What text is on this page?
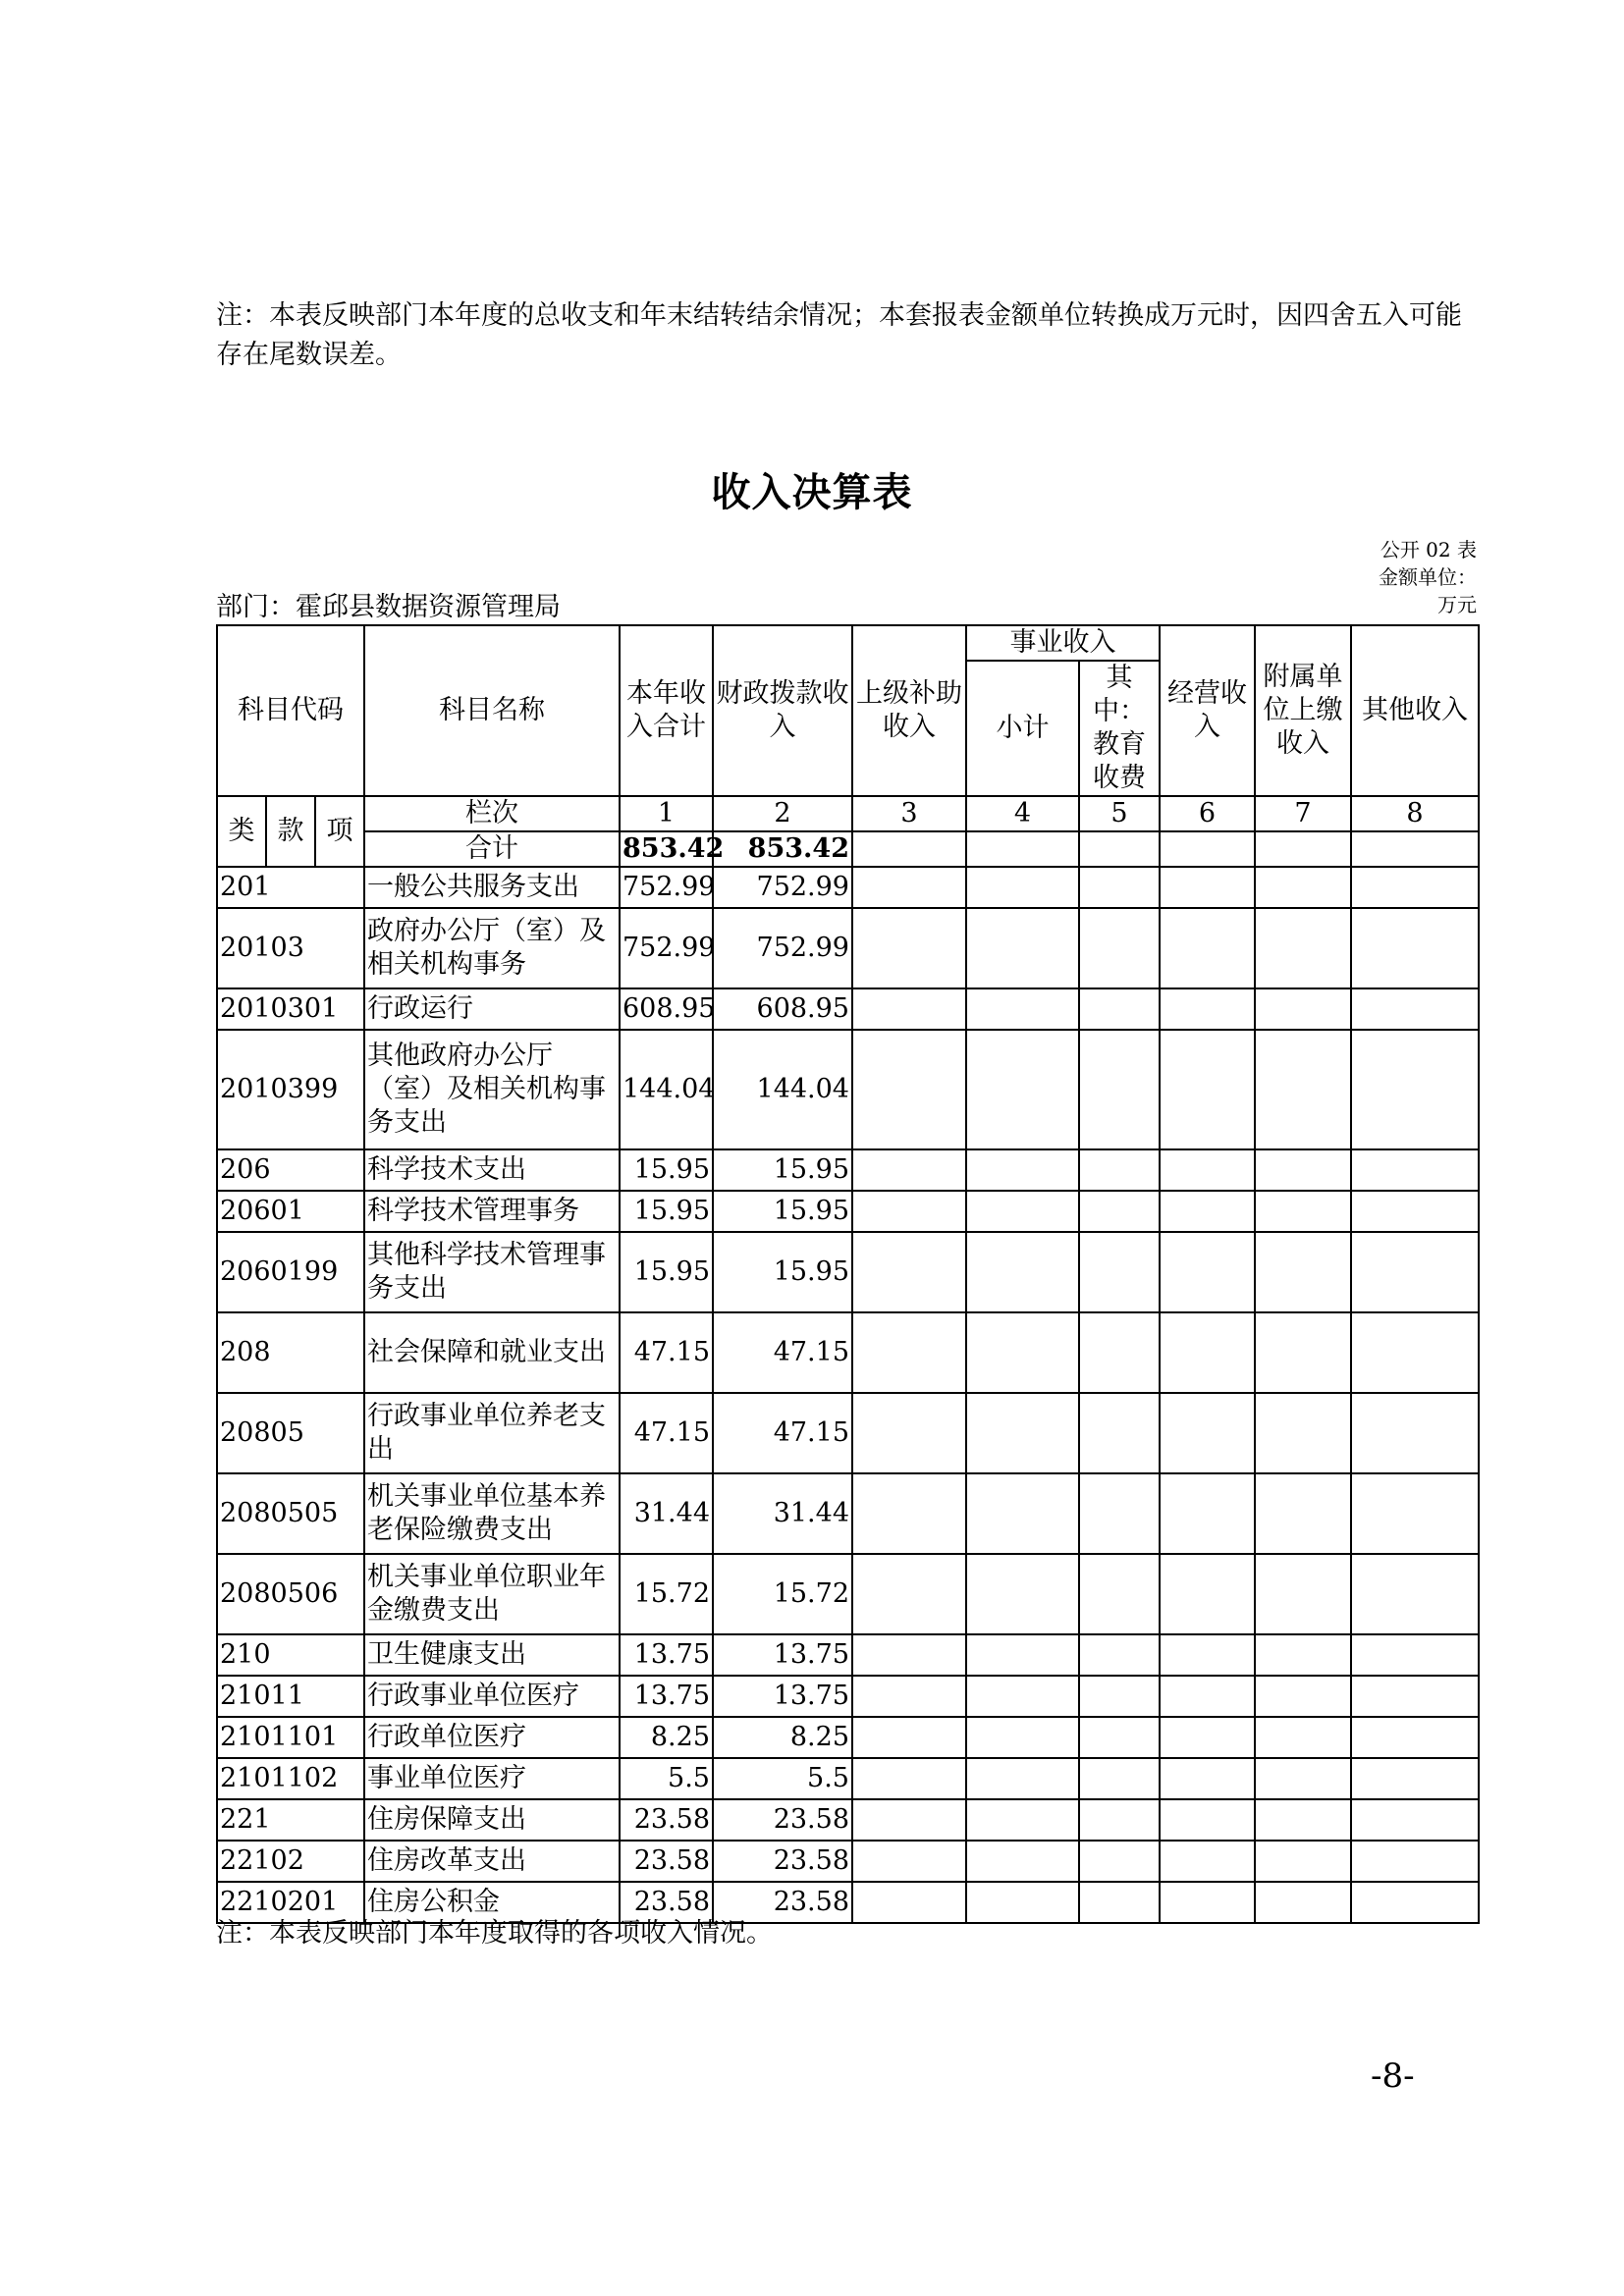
注：本表反映部门本年度的总收支和年末结转结余情况；本套报表金额单位转换成万元时，因四舍五入可能存在尾数误差。

收入决算表
公开 02 表
金额单位：
万元
部门：霍邱县数据资源管理局
科目代码			科目名称	本年收入合计	财政拨款收入	上级补助收入	事业收入		经营收入	附属单位上缴收入	其他收入
							小计	其中：教育收费			
类	款	项	栏次	1	2	3	4	5	6	7	8
			合计	853.42	853.42						
201			一般公共服务支出	752.99	752.99						
20103			政府办公厅（室）及相关机构事务	752.99	752.99						
2010301			行政运行	608.95	608.95						
2010399			其他政府办公厅（室）及相关机构事务支出	144.04	144.04						
206			科学技术支出	15.95	15.95						
20601			科学技术管理事务	15.95	15.95						
2060199			其他科学技术管理事务支出	15.95	15.95						
208			社会保障和就业支出	47.15	47.15						
20805			行政事业单位养老支出	47.15	47.15						
2080505			机关事业单位基本养老保险缴费支出	31.44	31.44						
2080506			机关事业单位职业年金缴费支出	15.72	15.72						
210			卫生健康支出	13.75	13.75						
21011			行政事业单位医疗	13.75	13.75						
2101101			行政单位医疗	8.25	8.25						
2101102			事业单位医疗	5.5	5.5						
221			住房保障支出	23.58	23.58						
22102			住房改革支出	23.58	23.58						
2210201			住房公积金	23.58	23.58						
注：本表反映部门本年度取得的各项收入情况。
-8-
